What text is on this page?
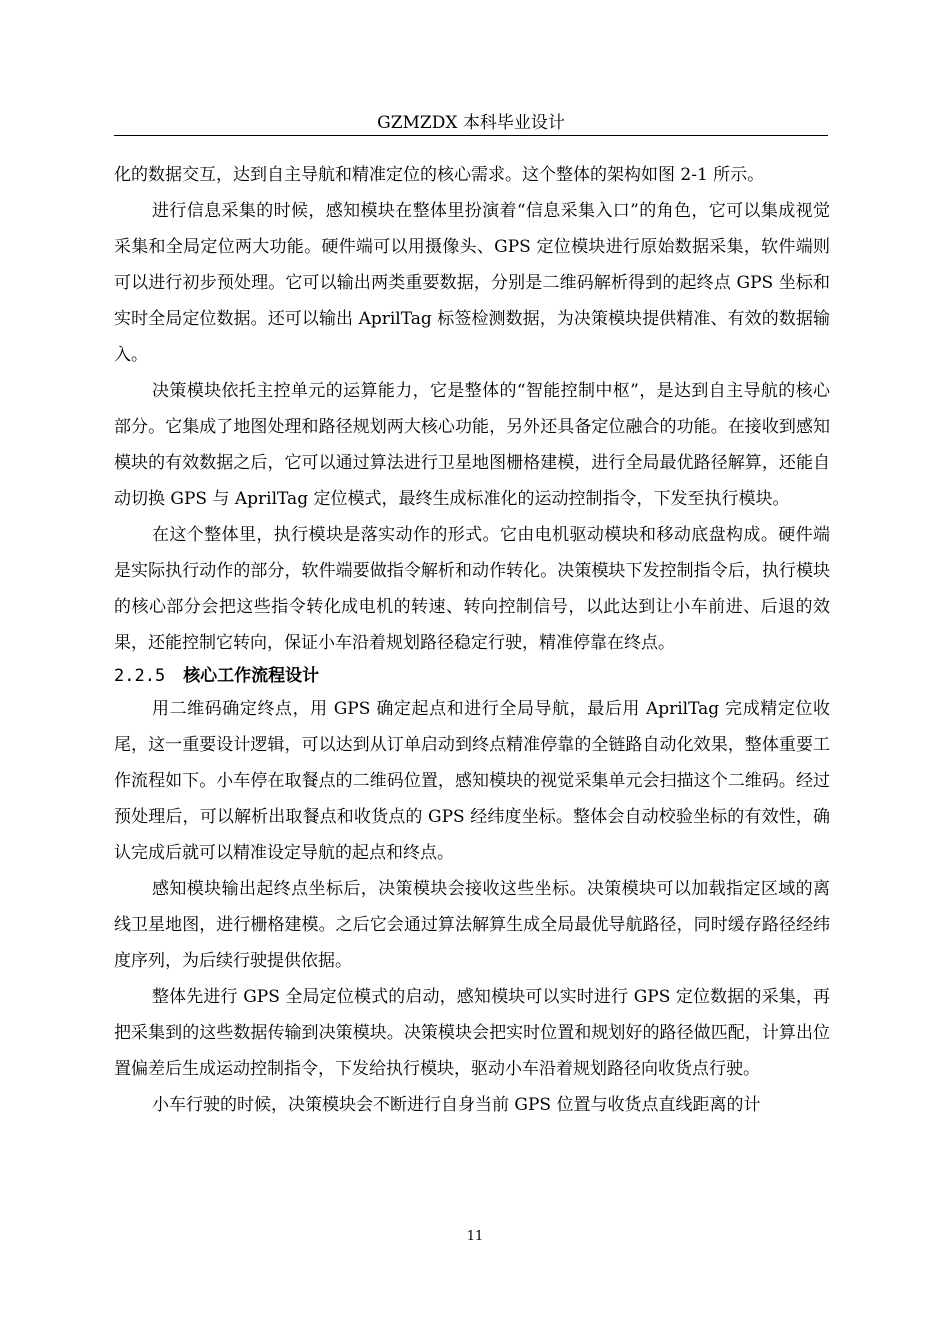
GZMZDX 本科毕业设计

化的数据交互，达到自主导航和精准定位的核心需求。这个整体的架构如图 2-1 所示。

进行信息采集的时候，感知模块在整体里扮演着“信息采集入口”的角色，它可以集成视觉采集和全局定位两大功能。硬件端可以用摄像头、GPS 定位模块进行原始数据采集，软件端则可以进行初步预处理。它可以输出两类重要数据，分别是二维码解析得到的起终点 GPS 坐标和实时全局定位数据。还可以输出 AprilTag 标签检测数据，为决策模块提供精准、有效的数据输入。

决策模块依托主控单元的运算能力，它是整体的“智能控制中枢”，是达到自主导航的核心部分。它集成了地图处理和路径规划两大核心功能，另外还具备定位融合的功能。在接收到感知模块的有效数据之后，它可以通过算法进行卫星地图栅格建模，进行全局最优路径解算，还能自动切换 GPS 与 AprilTag 定位模式，最终生成标准化的运动控制指令，下发至执行模块。

在这个整体里，执行模块是落实动作的形式。它由电机驱动模块和移动底盘构成。硬件端是实际执行动作的部分，软件端要做指令解析和动作转化。决策模块下发控制指令后，执行模块的核心部分会把这些指令转化成电机的转速、转向控制信号，以此达到让小车前进、后退的效果，还能控制它转向，保证小车沿着规划路径稳定行驶，精准停靠在终点。

2.2.5 核心工作流程设计

用二维码确定终点，用 GPS 确定起点和进行全局导航，最后用 AprilTag 完成精定位收尾，这一重要设计逻辑，可以达到从订单启动到终点精准停靠的全链路自动化效果，整体重要工作流程如下。小车停在取餐点的二维码位置，感知模块的视觉采集单元会扫描这个二维码。经过预处理后，可以解析出取餐点和收货点的 GPS 经纬度坐标。整体会自动校验坐标的有效性，确认完成后就可以精准设定导航的起点和终点。

感知模块输出起终点坐标后，决策模块会接收这些坐标。决策模块可以加载指定区域的离线卫星地图，进行栅格建模。之后它会通过算法解算生成全局最优导航路径，同时缓存路径经纬度序列，为后续行驶提供依据。

整体先进行 GPS 全局定位模式的启动，感知模块可以实时进行 GPS 定位数据的采集，再把采集到的这些数据传输到决策模块。决策模块会把实时位置和规划好的路径做匹配，计算出位置偏差后生成运动控制指令，下发给执行模块，驱动小车沿着规划路径向收货点行驶。

小车行驶的时候，决策模块会不断进行自身当前 GPS 位置与收货点直线距离的计

11
